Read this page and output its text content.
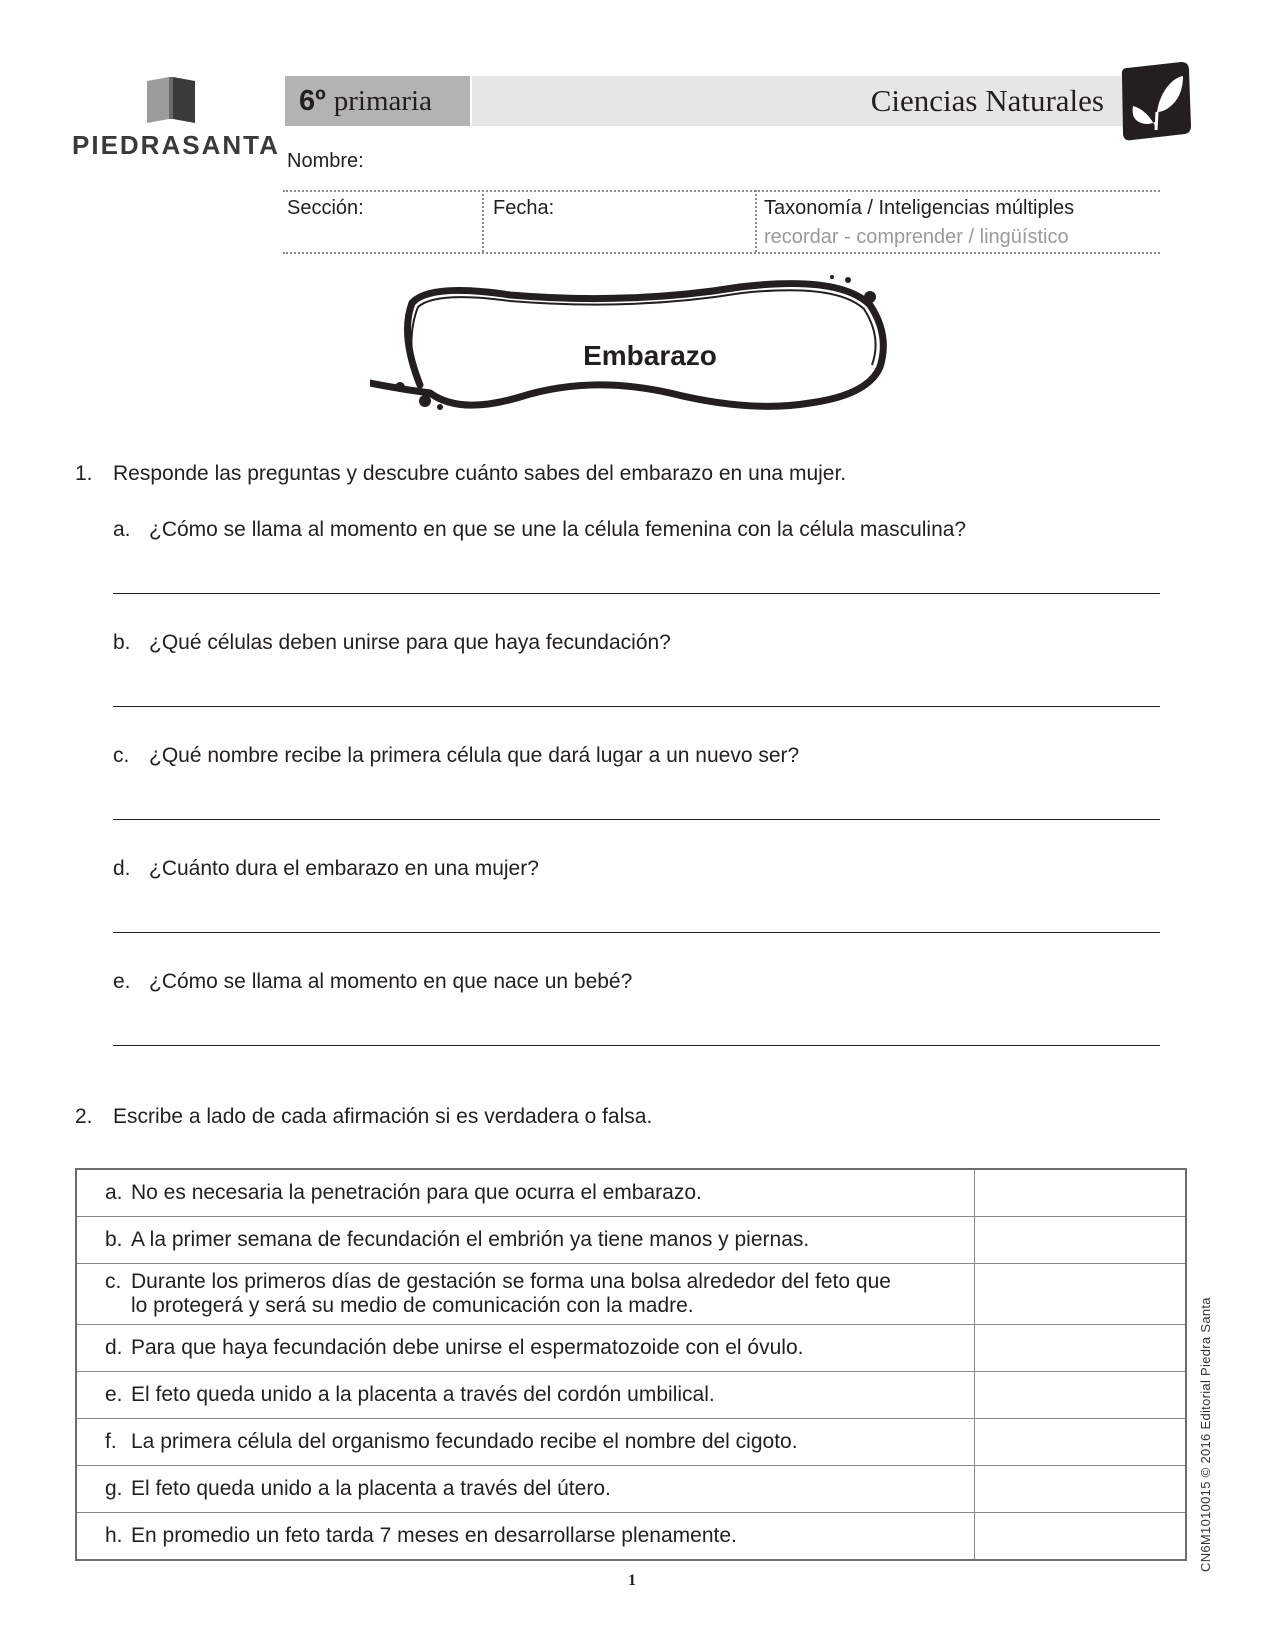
PIEDRASANTA
6º primaria	Ciencias Naturales
Nombre:
Sección:	Fecha:	Taxonomía / Inteligencias múltiples
recordar - comprender / lingüístico
Embarazo
1. Responde las preguntas y descubre cuánto sabes del embarazo en una mujer.
a. ¿Cómo se llama al momento en que se une la célula femenina con la célula masculina?
b. ¿Qué células deben unirse para que haya fecundación?
c. ¿Qué nombre recibe la primera célula que dará lugar a un nuevo ser?
d. ¿Cuánto dura el embarazo en una mujer?
e. ¿Cómo se llama al momento en que nace un bebé?
2. Escribe a lado de cada afirmación si es verdadera o falsa.
a. No es necesaria la penetración para que ocurra el embarazo.	

b. A la primer semana de fecundación el embrión ya tiene manos y piernas.	

c. Durante los primeros días de gestación se forma una bolsa alrededor del feto que
lo protegerá y será su medio de comunicación con la madre.	

d. Para que haya fecundación debe unirse el espermatozoide con el óvulo.	

e. El feto queda unido a la placenta a través del cordón umbilical.	

f. La primera célula del organismo fecundado recibe el nombre del cigoto.	

g. El feto queda unido a la placenta a través del útero.	

h. En promedio un feto tarda 7 meses en desarrollarse plenamente.	
		CN6M1010015 © 2016 Editorial Piedra Santa
1
